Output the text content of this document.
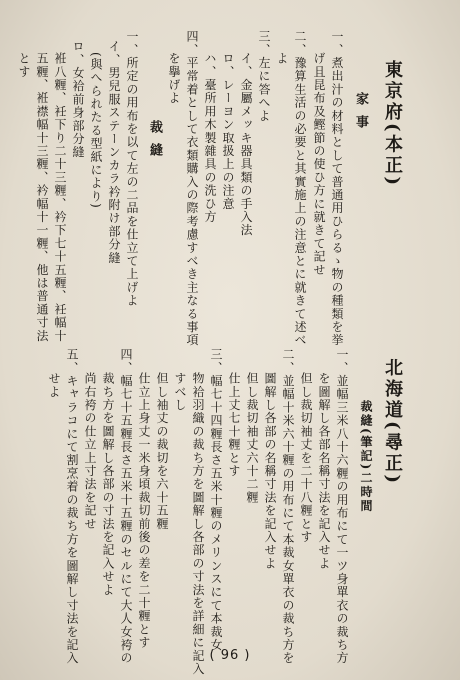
東京府(本正)
家事
一、煮出汁の材料として普通用ひらるゝ物の種類を挙
げ且昆布及鰹節の使ひ方に就きて記せ
二、豫算生活の必要と其實施上の注意とに就きて述べ
よ
三、左に答へよ
イ、金屬メッキ器具類の手入法
ロ、レーヨン取扱上の注意
ハ、臺所用木製雜具の洗ひ方
四、平常着として衣類購入の際考慮すべき主なる事項
を擧げよ
裁縫
一、所定の用布を以て左の二品を仕立て上げよ
イ、男兒服ステーンカラ衿附け部分縫
(與へられたる型紙により)
ロ、女袷前身部分縫
袵八糎、衽下り二十三糎、衿下七十五糎、衽幅十
五糎、袵襟幅十三糎、衿幅十一糎、他は普通寸法
とす
北海道(尋正)
裁縫(筆記)二時間
一、並幅三米八十六糎の用布にて一ツ身單衣の裁ち方
を圖解し各部名稱寸法を記入せよ
但し裁切袖丈を二十八糎とす
二、並幅十米六十糎の用布にて本裁女單衣の裁ち方を
圖解し各部の名稱寸法を記入せよ
但し裁切袖丈六十二糎
仕上丈七十糎とす
三、幅七十四糎長さ五米十糎のメリンスにて本裁女
物袷羽織の裁ち方を圖解し各部の寸法を詳細に記入
すべし
但し袖丈の裁切を六十五糎
仕立上身丈一米身頃裁切前後の差を二十糎とす
四、幅七十五糎長さ五米十五糎のセルにて大人女袴の
裁ち方を圖解し各部の寸法を記入せよ
尚右袴の仕立上寸法を記せ
五、キャラコにて割烹着の裁ち方を圖解し寸法を記入
せよ
( 96 )
